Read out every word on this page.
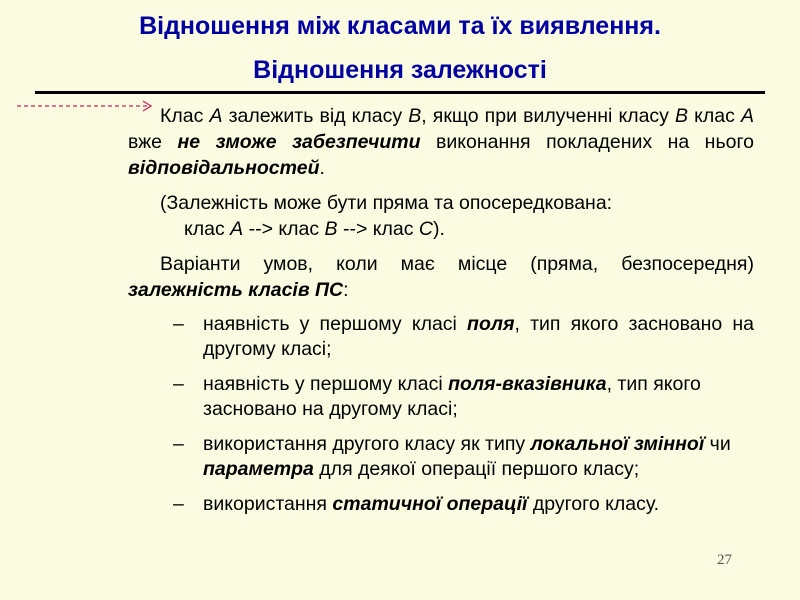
Відношення між класами та їх виявлення.
Відношення залежності

Клас A залежить від класу B, якщо при вилученні класу B клас A вже не зможе забезпечити виконання покладених на нього відповідальностей.

(Залежність може бути пряма та опосередкована:
клас A --> клас B --> клас C).

Варіанти умов, коли має місце (пряма, безпосередня) залежність класів ПС:

– наявність у першому класі поля, тип якого засновано на другому класі;
– наявність у першому класі поля-вказівника, тип якого засновано на другому класі;
– використання другого класу як типу локальної змінної чи параметра для деякої операції першого класу;
– використання статичної операції другого класу.
27
